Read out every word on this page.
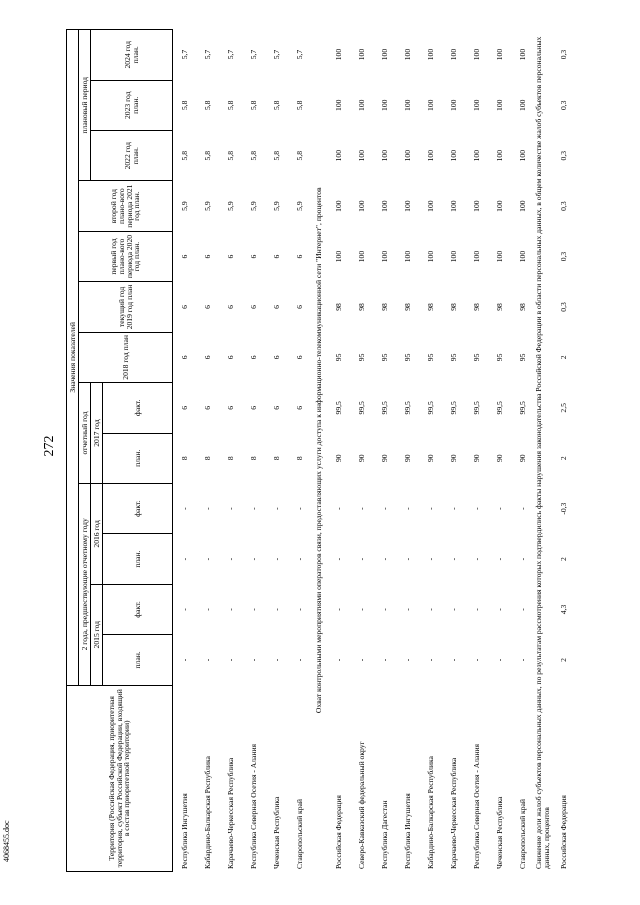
272
4068455.doc	Территория (Российская Федерация, приоритетная территория, субъект Российской Федерации, входящий в состав приоритетной территории)	Значения показателей												
	2 года, предшествующие отчетному году				отчетный год		2018 год план	текущий год 2019 год план	первый год плано-вого периода 2020 год план.	второй год плано-вого периода 2021 год план.	плановый период		
	2015 год		2016 год		2017 год						2022 год план.	2023 год план.	2024 год план.
	план.	факт.	план.	факт.	план.	факт.							
Республика Ингушетия	-	-	-	-	8	6	6	6	6	5,9	5,8	5,8	5,7
Кабардино-Балкарская Республика	-	-	-	-	8	6	6	6	6	5,9	5,8	5,8	5,7
Карачаево-Черкесская Республика	-	-	-	-	8	6	6	6	6	5,9	5,8	5,8	5,7
Республика Северная Осетия - Алания	-	-	-	-	8	6	6	6	6	5,9	5,8	5,8	5,7
Чеченская Республика	-	-	-	-	8	6	6	6	6	5,9	5,8	5,8	5,7
Ставропольский край	-	-	-	-	8	6	6	6	6	5,9	5,8	5,8	5,7
Охват контрольными мероприятиями операторов связи, предоставляющих услуги доступа к информационно-телекоммуникационной сети "Интернет", процентов													
Российская Федерация	-	-	-	-	90	99,5	95	98	100	100	100	100	100
Северо-Кавказский федеральный округ	-	-	-	-	90	99,5	95	98	100	100	100	100	100
Республика Дагестан	-	-	-	-	90	99,5	95	98	100	100	100	100	100
Республика Ингушетия	-	-	-	-	90	99,5	95	98	100	100	100	100	100
Кабардино-Балкарская Республика	-	-	-	-	90	99,5	95	98	100	100	100	100	100
Карачаево-Черкесская Республика	-	-	-	-	90	99,5	95	98	100	100	100	100	100
Республика Северная Осетия - Алания	-	-	-	-	90	99,5	95	98	100	100	100	100	100
Чеченская Республика	-	-	-	-	90	99,5	95	98	100	100	100	100	100
Ставропольский край	-	-	-	-	90	99,5	95	98	100	100	100	100	100
Снижение доли жалоб субъектов персональных данных, по результатам рассмотрения которых подтвердились факты нарушения законодательства Российской Федерации в области персональных данных, в общем количестве жалоб субъектов персональных данных, процентов													
Российская Федерация	2	4,3	2	-0,3	2	2,5	2	0,3	0,3	0,3	0,3	0,3	0,3
